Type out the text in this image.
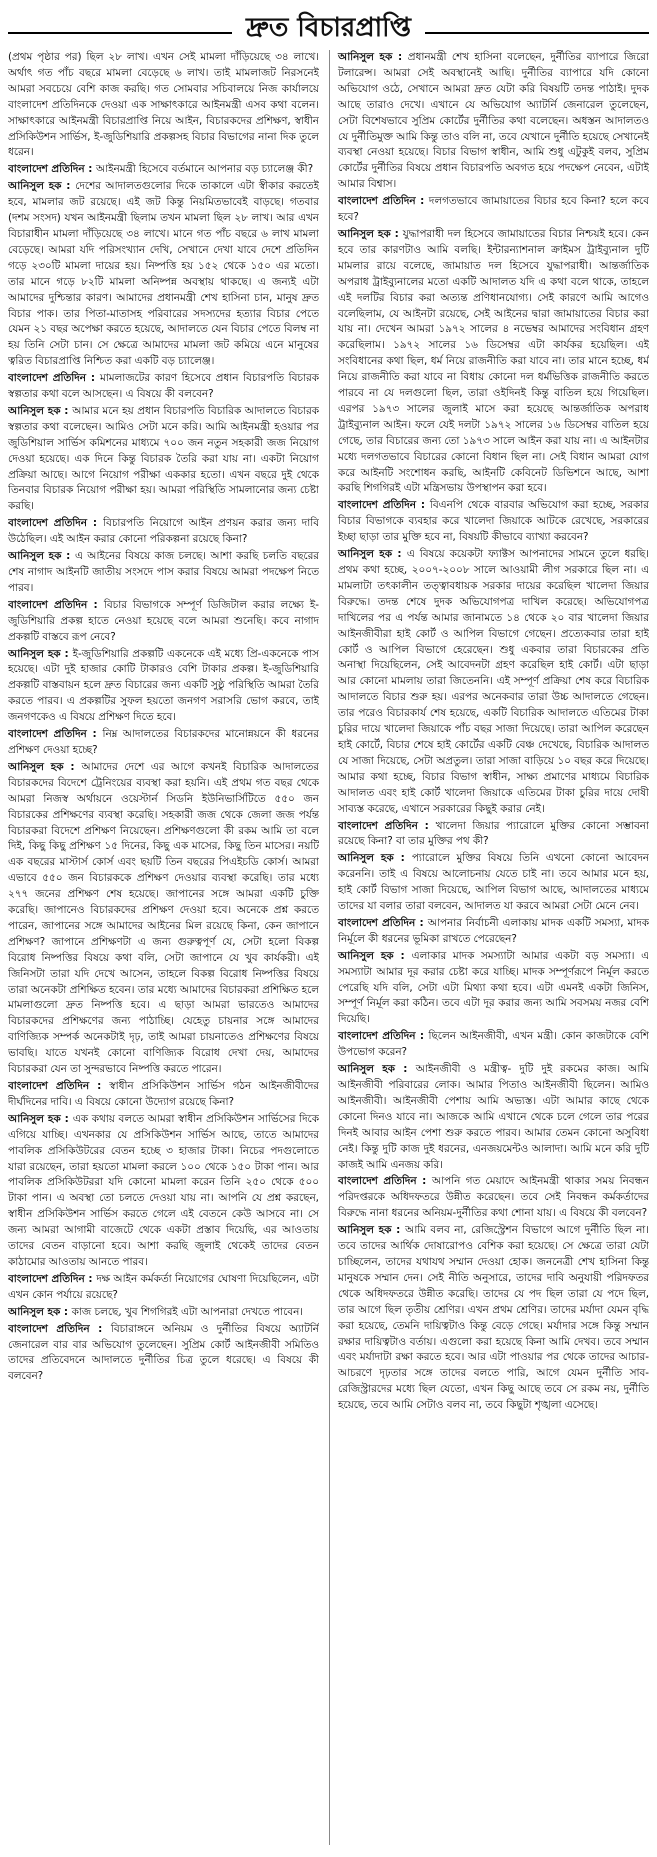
দ্রুত বিচারপ্রাপ্তি

(প্রথম পৃষ্ঠার পর) ছিল ২৮ লাখ। এখন সেই মামলা দাঁড়িয়েছে ৩৪ লাখে। অর্থাৎ গত পাঁচ বছরে মামলা বেড়েছে ৬ লাখ। তাই মামলাজট নিরসনেই আমরা সবচেয়ে বেশি কাজ করছি। গত সোমবার সচিবালয়ে নিজ কার্যালয়ে বাংলাদেশ প্রতিদিনকে দেওয়া এক সাক্ষাৎকারে আইনমন্ত্রী এসব কথা বলেন। সাক্ষাৎকারে আইনমন্ত্রী বিচারপ্রাপ্তি নিয়ে আইন, বিচারকদের প্রশিক্ষণ, স্বাধীন প্রসিকিউশন সার্ভিস, ই-জুডিশিয়ারি প্রকল্পসহ বিচার বিভাগের নানা দিক তুলে ধরেন।

বাংলাদেশ প্রতিদিন : আইনমন্ত্রী হিসেবে বর্তমানে আপনার বড় চ্যালেঞ্জ কী?

আনিসুল হক : দেশের আদালতগুলোর দিকে তাকালে এটা স্বীকার করতেই হবে, মামলার জট রয়েছে। এই জট কিন্তু নিয়মিতভাবেই বাড়ছে। গতবার (দশম সংসদ) যখন আইনমন্ত্রী ছিলাম তখন মামলা ছিল ২৮ লাখ। আর এখন বিচারাধীন মামলা দাঁড়িয়েছে ৩৪ লাখে। মানে গত পাঁচ বছরে ৬ লাখ মামলা বেড়েছে। আমরা যদি পরিসংখ্যান দেখি, সেখানে দেখা যাবে দেশে প্রতিদিন গড়ে ২৩০টি মামলা দায়ের হয়। নিষ্পত্তি হয় ১৫২ থেকে ১৫০ এর মতো। তার মানে গড়ে ৮২টি মামলা অনিষ্পন্ন অবস্থায় থাকছে। এ জন্যই এটা আমাদের দুশ্চিন্তার কারণ। আমাদের প্রধানমন্ত্রী শেখ হাসিনা চান, মানুষ দ্রুত বিচার পাক। তার পিতা-মাতাসহ পরিবারের সদস্যদের হত্যার বিচার পেতে যেমন ২১ বছর অপেক্ষা করতে হয়েছে, আদালতে যেন বিচার পেতে বিলম্ব না হয় তিনি সেটা চান। সে ক্ষেত্রে আমাদের মামলা জট কমিয়ে এনে মানুষের ত্বরিত বিচারপ্রাপ্তি নিশ্চিত করা একটি বড় চ্যালেঞ্জ।

বাংলাদেশ প্রতিদিন : মামলাজটের কারণ হিসেবে প্রধান বিচারপতি বিচারক স্বল্পতার কথা বলে আসছেন। এ বিষয়ে কী বলবেন?

আনিসুল হক : আমার মনে হয় প্রধান বিচারপতি বিচারিক আদালতে বিচারক স্বল্পতার কথা বলেছেন। আমিও সেটা মনে করি। আমি আইনমন্ত্রী হওয়ার পর জুডিশিয়াল সার্ভিস কমিশনের মাধ্যমে ৭০০ জন নতুন সহকারী জজ নিয়োগ দেওয়া হয়েছে। এক দিনে কিন্তু বিচারক তৈরি করা যায় না। একটা নিয়োগ প্রক্রিয়া আছে। আগে নিয়োগ পরীক্ষা এককার হতো। এখন বছরে দুই থেকে তিনবার বিচারক নিয়োগ পরীক্ষা হয়। আমরা পরিস্থিতি সামলানোর জন্য চেষ্টা করছি।

বাংলাদেশ প্রতিদিন : বিচারপতি নিয়োগে আইন প্রণয়ন করার জন্য দাবি উঠেছিল। এই আইন করার কোনো পরিকল্পনা রয়েছে কিনা?

আনিসুল হক : এ আইনের বিষয়ে কাজ চলছে। আশা করছি চলতি বছরের শেষ নাগাদ আইনটি জাতীয় সংসদে পাস করার বিষয়ে আমরা পদক্ষেপ নিতে পারব।

বাংলাদেশ প্রতিদিন : বিচার বিভাগকে সম্পূর্ণ ডিজিটাল করার লক্ষ্যে ই-জুডিশিয়ারি প্রকল্প হাতে নেওয়া হয়েছে বলে আমরা শুনেছি। কবে নাগাদ প্রকল্পটি বাস্তবে রূপ নেবে?

আনিসুল হক : ই-জুডিশিয়ারি প্রকল্পটি একনেকে এই মধ্যে প্রি-একনেকে পাস হয়েছে। এটা দুই হাজার কোটি টাকারও বেশি টাকার প্রকল্প। ই-জুডিশিয়ারি প্রকল্পটি বাস্তবায়ন হলে দ্রুত বিচারের জন্য একটি সুষ্ঠু পরিস্থিতি আমরা তৈরি করতে পারব। এ প্রকল্পটির সুফল হয়তো জনগণ সরাসরি ভোগ করবে, তাই জনগণকেও এ বিষয়ে প্রশিক্ষণ দিতে হবে।

বাংলাদেশ প্রতিদিন : নিম্ন আদালতের বিচারকদের মানোন্নয়নে কী ধরনের প্রশিক্ষণ দেওয়া হচ্ছে?

আনিসুল হক : আমাদের দেশে এর আগে কখনই বিচারিক আদালতের বিচারকদের বিদেশে ট্রেনিংয়ের ব্যবস্থা করা হয়নি। এই প্রথম গত বছর থেকে আমরা নিজস্ব অর্থায়নে ওয়েস্টার্ন সিডনি ইউনিভার্সিটিতে ৫৫০ জন বিচারকের প্রশিক্ষণের ব্যবস্থা করেছি। সহকারী জজ থেকে জেলা জজ পর্যন্ত বিচারকরা বিদেশে প্রশিক্ষণ নিয়েছেন। প্রশিক্ষণগুলো কী রকম আমি তা বলে দিই, কিছু কিছু প্রশিক্ষণ ১৫ দিনের, কিছু এক মাসের, কিছু তিন মাসের। নয়টি এক বছরের মাস্টার্স কোর্স এবং ছয়টি তিন বছরের পিএইচডি কোর্স। আমরা এভাবে ৫৫০ জন বিচারককে প্রশিক্ষণ দেওয়ার ব্যবস্থা করেছি। তার মধ্যে ২৭৭ জনের প্রশিক্ষণ শেষ হয়েছে। জাপানের সঙ্গে আমরা একটি চুক্তি করেছি। জাপানেও বিচারকদের প্রশিক্ষণ দেওয়া হবে। অনেকে প্রশ্ন করতে পারেন, জাপানের সঙ্গে আমাদের আইনের মিল রয়েছে কিনা, কেন জাপানে প্রশিক্ষণ? জাপানে প্রশিক্ষণটা এ জন্য গুরুত্বপূর্ণ যে, সেটা হলো বিকল্প বিরোধ নিষ্পত্তির বিষয়ে কথা বলি, সেটা জাপানে যে খুব কার্যকরী। এই জিনিসটা তারা যদি দেখে আসেন, তাহলে বিকল্প বিরোধ নিষ্পত্তির বিষয়ে তারা অনেকটা প্রশিক্ষিত হবেন। তার মধ্যে আমাদের বিচারকরা প্রশিক্ষিত হলে মামলাগুলো দ্রুত নিষ্পত্তি হবে। এ ছাড়া আমরা ভারতেও আমাদের বিচারকদের প্রশিক্ষণের জন্য পাঠাচ্ছি। যেহেতু চায়নার সঙ্গে আমাদের বাণিজ্যিক সম্পর্ক অনেকটাই দৃঢ়, তাই আমরা চায়নাতেও প্রশিক্ষণের বিষয়ে ভাবছি। যাতে যখনই কোনো বাণিজ্যিক বিরোধ দেখা দেয়, আমাদের বিচারকরা যেন তা সুন্দরভাবে নিষ্পত্তি করতে পারেন।

বাংলাদেশ প্রতিদিন : স্বাধীন প্রসিকিউশন সার্ভিস গঠন আইনজীবীদের দীর্ঘদিনের দাবি। এ বিষয়ে কোনো উদ্যোগ রয়েছে কিনা?

আনিসুল হক : এক কথায় বলতে আমরা স্বাধীন প্রসিকিউশন সার্ভিসের দিকে এগিয়ে যাচ্ছি। এখনকার যে প্রসিকিউশন সার্ভিস আছে, তাতে আমাদের পাবলিক প্রসিকিউটরের বেতন হচ্ছে ৩ হাজার টাকা। নিচের পদগুলোতে যারা রয়েছেন, তারা হয়তো মামলা করলে ১০০ থেকে ১৫০ টাকা পান। আর পাবলিক প্রসিকিউটররা যদি কোনো মামলা করেন তিনি ২৫০ থেকে ৫০০ টাকা পান। এ অবস্থা তো চলতে দেওয়া যায় না। আপনি যে প্রশ্ন করছেন, স্বাধীন প্রসিকিউশন সার্ভিস করতে গেলে এই বেতনে কেউ আসবে না। সে জন্য আমরা আগামী বাজেটে থেকে একটা প্রস্তাব দিয়েছি, এর আওতায় তাদের বেতন বাড়ানো হবে। আশা করছি জুলাই থেকেই তাদের বেতন কাঠামোর আওতায় আনতে পারব।

বাংলাদেশ প্রতিদিন : দক্ষ আইন কর্মকর্তা নিয়োগের ঘোষণা দিয়েছিলেন, এটা এখন কোন পর্যায়ে রয়েছে?

আনিসুল হক : কাজ চলছে, খুব শিগগিরই এটা আপনারা দেখতে পাবেন।

বাংলাদেশ প্রতিদিন : বিচারাঙ্গনে অনিয়ম ও দুর্নীতির বিষয়ে অ্যাটর্নি জেনারেল বার বার অভিযোগ তুলেছেন। সুপ্রিম কোর্ট আইনজীবী সমিতিও তাদের প্রতিবেদনে আদালতে দুর্নীতির চিত্র তুলে ধরেছে। এ বিষয়ে কী বলবেন?

আনিসুল হক : প্রধানমন্ত্রী শেখ হাসিনা বলেছেন, দুর্নীতির ব্যাপারে জিরো টলারেন্স। আমরা সেই অবস্থানেই আছি। দুর্নীতির ব্যাপারে যদি কোনো অভিযোগ ওঠে, সেখানে আমরা দ্রুত যেটা করি বিষয়টি তদন্ত পাঠাই। দুদক আছে তারাও দেখে। এখানে যে অভিযোগ অ্যাটর্নি জেনারেল তুলেছেন, সেটা বিশেষভাবে সুপ্রিম কোর্টের দুর্নীতির কথা বলেছেন। অধস্তন আদালতও যে দুর্নীতিমুক্ত আমি কিন্তু তাও বলি না, তবে যেখানে দুর্নীতি হয়েছে সেখানেই ব্যবস্থা নেওয়া হয়েছে। বিচার বিভাগ স্বাধীন, আমি শুধু এটুকুই বলব, সুপ্রিম কোর্টের দুর্নীতির বিষয়ে প্রধান বিচারপতি অবগত হয়ে পদক্ষেপ নেবেন, এটাই আমার বিশ্বাস।

বাংলাদেশ প্রতিদিন : দলগতভাবে জামায়াতের বিচার হবে কিনা? হলে কবে হবে?

আনিসুল হক : যুদ্ধাপরাধী দল হিসেবে জামায়াতের বিচার নিশ্চয়ই হবে। কেন হবে তার কারণটাও আমি বলছি। ইন্টারন্যাশনাল ক্রাইমস ট্রাইব্যুনাল দুটি মামলার রায়ে বলেছে, জামায়াত দল হিসেবে যুদ্ধাপরাধী। আন্তর্জাতিক অপরাধ ট্রাইব্যুনালের মতো একটি আদালত যদি এ কথা বলে থাকে, তাহলে এই দলটির বিচার করা অত্যন্ত প্রণিধানযোগ্য। সেই কারণে আমি আগেও বলেছিলাম, যে আইনটা রয়েছে, সেই আইনের দ্বারা জামায়াতের বিচার করা যায় না। দেখেন আমরা ১৯৭২ সালের ৪ নভেম্বর আমাদের সংবিধান গ্রহণ করেছিলাম। ১৯৭২ সালের ১৬ ডিসেম্বর এটা কার্যকর হয়েছিল। এই সংবিধানের কথা ছিল, ধর্ম নিয়ে রাজনীতি করা যাবে না। তার মানে হচ্ছে, ধর্ম নিয়ে রাজনীতি করা যাবে না বিধায় কোনো দল ধর্মভিত্তিক রাজনীতি করতে পারবে না যে দলগুলো ছিল, তারা ওইদিনই কিন্তু বাতিল হয়ে গিয়েছিল। এরপর ১৯৭৩ সালের জুলাই মাসে করা হয়েছে আন্তর্জাতিক অপরাধ ট্রাইব্যুনাল আইন। ফলে যেই দলটা ১৯৭২ সালের ১৬ ডিসেম্বর বাতিল হয়ে গেছে, তার বিচারের জন্য তো ১৯৭৩ সালে আইন করা যায় না। এ আইনটার মধ্যে দলগতভাবে বিচারের কোনো বিধান ছিল না। সেই বিধান আমরা যোগ করে আইনটি সংশোধন করছি, আইনটি কেবিনেট ডিভিশনে আছে, আশা করছি শিগগিরই এটা মন্ত্রিসভায় উপস্থাপন করা হবে।

বাংলাদেশ প্রতিদিন : বিএনপি থেকে বারবার অভিযোগ করা হচ্ছে, সরকার বিচার বিভাগকে ব্যবহার করে খালেদা জিয়াকে আটকে রেখেছে, সরকারের ইচ্ছা ছাড়া তার মুক্তি হবে না, বিষয়টি কীভাবে ব্যাখ্যা করবেন?

আনিসুল হক : এ বিষয়ে কয়েকটা ফ্যাক্টস আপনাদের সামনে তুলে ধরছি। প্রথম কথা হচ্ছে, ২০০৭-২০০৮ সালে আওয়ামী লীগ সরকারে ছিল না। এ মামলাটা তৎকালীন তত্ত্বাবধায়ক সরকার দায়ের করেছিল খালেদা জিয়ার বিরুদ্ধে। তদন্ত শেষে দুদক অভিযোগপত্র দাখিল করেছে। অভিযোগপত্র দাখিলের পর এ পর্যন্ত আমার জানামতে ১৪ থেকে ২০ বার খালেদা জিয়ার আইনজীবীরা হাই কোর্ট ও আপিল বিভাগে গেছেন। প্রত্যেকবার তারা হাই কোর্ট ও আপিল বিভাগে হেরেছেন। শুধু একবার তারা বিচারকের প্রতি অনাস্থা দিয়েছিলেন, সেই আবেদনটা গ্রহণ করেছিল হাই কোর্ট। এটা ছাড়া আর কোনো মামলায় তারা জিতেননি। এই সম্পূর্ণ প্রক্রিয়া শেষ করে বিচারিক আদালতে বিচার শুরু হয়। এরপর অনেকবার তারা উচ্চ আদালতে গেছেন। তার পরেও বিচারকার্য শেষ হয়েছে, একটি বিচারিক আদালতে এতিমের টাকা চুরির দায়ে খালেদা জিয়াকে পাঁচ বছর সাজা দিয়েছে। তারা আপিল করেছেন হাই কোর্টে, বিচার শেষে হাই কোর্টের একটি বেঞ্চ দেখেছে, বিচারিক আদালত যে সাজা দিয়েছে, সেটা অপ্রতুল। তারা সাজা বাড়িয়ে ১০ বছর করে দিয়েছে। আমার কথা হচ্ছে, বিচার বিভাগ স্বাধীন, সাক্ষ্য প্রমাণের মাধ্যমে বিচারিক আদালত এবং হাই কোর্ট খালেদা জিয়াকে এতিমের টাকা চুরির দায়ে দোষী সাব্যস্ত করেছে, এখানে সরকারের কিছুই করার নেই।

বাংলাদেশ প্রতিদিন : খালেদা জিয়ার প্যারোলে মুক্তির কোনো সম্ভাবনা রয়েছে কিনা? বা তার মুক্তির পথ কী?

আনিসুল হক : প্যারোলে মুক্তির বিষয়ে তিনি এখনো কোনো আবেদন করেননি। তাই এ বিষয়ে আলোচনায় যেতে চাই না। তবে আমার মনে হয়, হাই কোর্ট বিভাগ সাজা দিয়েছে, আপিল বিভাগ আছে, আদালতের মাধ্যমে তাদের যা বলার তারা বলবেন, আদালত যা করবে আমরা সেটা মেনে নেব।

বাংলাদেশ প্রতিদিন : আপনার নির্বাচনী এলাকায় মাদক একটি সমস্যা, মাদক নির্মূলে কী ধরনের ভূমিকা রাখতে পেরেছেন?

আনিসুল হক : এলাকার মাদক সমস্যাটা আমার একটা বড় সমস্যা। এ সমস্যাটা আমার দূর করার চেষ্টা করে যাচ্ছি। মাদক সম্পূর্ণরূপে নির্মূল করতে পেরেছি যদি বলি, সেটা এটা মিথ্যা কথা হবে। এটা এমনই একটা জিনিস, সম্পূর্ণ নির্মূল করা কঠিন। তবে এটা দূর করার জন্য আমি সবসময় নজর বেশি দিয়েছি।

বাংলাদেশ প্রতিদিন : ছিলেন আইনজীবী, এখন মন্ত্রী। কোন কাজটাকে বেশি উপভোগ করেন?

আনিসুল হক : আইনজীবী ও মন্ত্রীত্ব- দুটি দুই রকমের কাজ। আমি আইনজীবী পরিবারের লোক। আমার পিতাও আইনজীবী ছিলেন। আমিও আইনজীবী। আইনজীবী পেশায় আমি অভ্যস্ত। এটা আমার কাছে থেকে কোনো দিনও যাবে না। আজকে আমি এখানে থেকে চলে গেলে তার পরের দিনই আবার আইন পেশা শুরু করতে পারব। আমার তেমন কোনো অসুবিধা নেই। কিন্তু দুটি কাজ দুই ধরনের, এনজয়মেন্টও আলাদা। আমি মনে করি দুটি কাজই আমি এনজয় করি।

বাংলাদেশ প্রতিদিন : আপনি গত মেয়াদে আইনমন্ত্রী থাকার সময় নিবন্ধন পরিদপ্তরকে অধিদফতরে উন্নীত করেছেন। তবে সেই নিবন্ধন কর্মকর্তাদের বিরুদ্ধে নানা ধরনের অনিয়ম-দুর্নীতির কথা শোনা যায়। এ বিষয়ে কী বলবেন?

আনিসুল হক : আমি বলব না, রেজিস্ট্রেশন বিভাগে আগে দুর্নীতি ছিল না। তবে তাদের আর্থিক দোষারোপও বেশিক করা হয়েছে। সে ক্ষেত্রে তারা যেটা চাচ্ছিলেন, তাদের যথাযথ সম্মান দেওয়া হোক। জননেত্রী শেখ হাসিনা কিন্তু মানুষকে সম্মান দেন। সেই নীতি অনুসারে, তাদের দাবি অনুযায়ী পরিদফতর থেকে অধিদফতরে উন্নীত করেছি। তাদের যে পদ ছিল তারা যে পদে ছিল, তার আগে ছিল তৃতীয় শ্রেণির। এখন প্রথম শ্রেণির। তাদের মর্যাদা যেমন বৃদ্ধি করা হয়েছে, তেমনি দায়িত্বটাও কিন্তু বেড়ে গেছে। মর্যাদার সঙ্গে কিন্তু সম্মান রক্ষার দায়িত্বটাও বর্তায়। এগুলো করা হয়েছে কিনা আমি দেখব। তবে সম্মান এবং মর্যাদাটা রক্ষা করতে হবে। আর এটা পাওয়ার পর থেকে তাদের আচার-আচরণে দৃঢ়তার সঙ্গে তাদের বলতে পারি, আগে যেমন দুর্নীতি সাব-রেজিস্ট্রারদের মধ্যে ছিল যেতো, এখন কিছু আছে তবে সে রকম নয়, দুর্নীতি হয়েছে, তবে আমি সেটাও বলব না, তবে কিছুটা শৃঙ্খলা এসেছে।
